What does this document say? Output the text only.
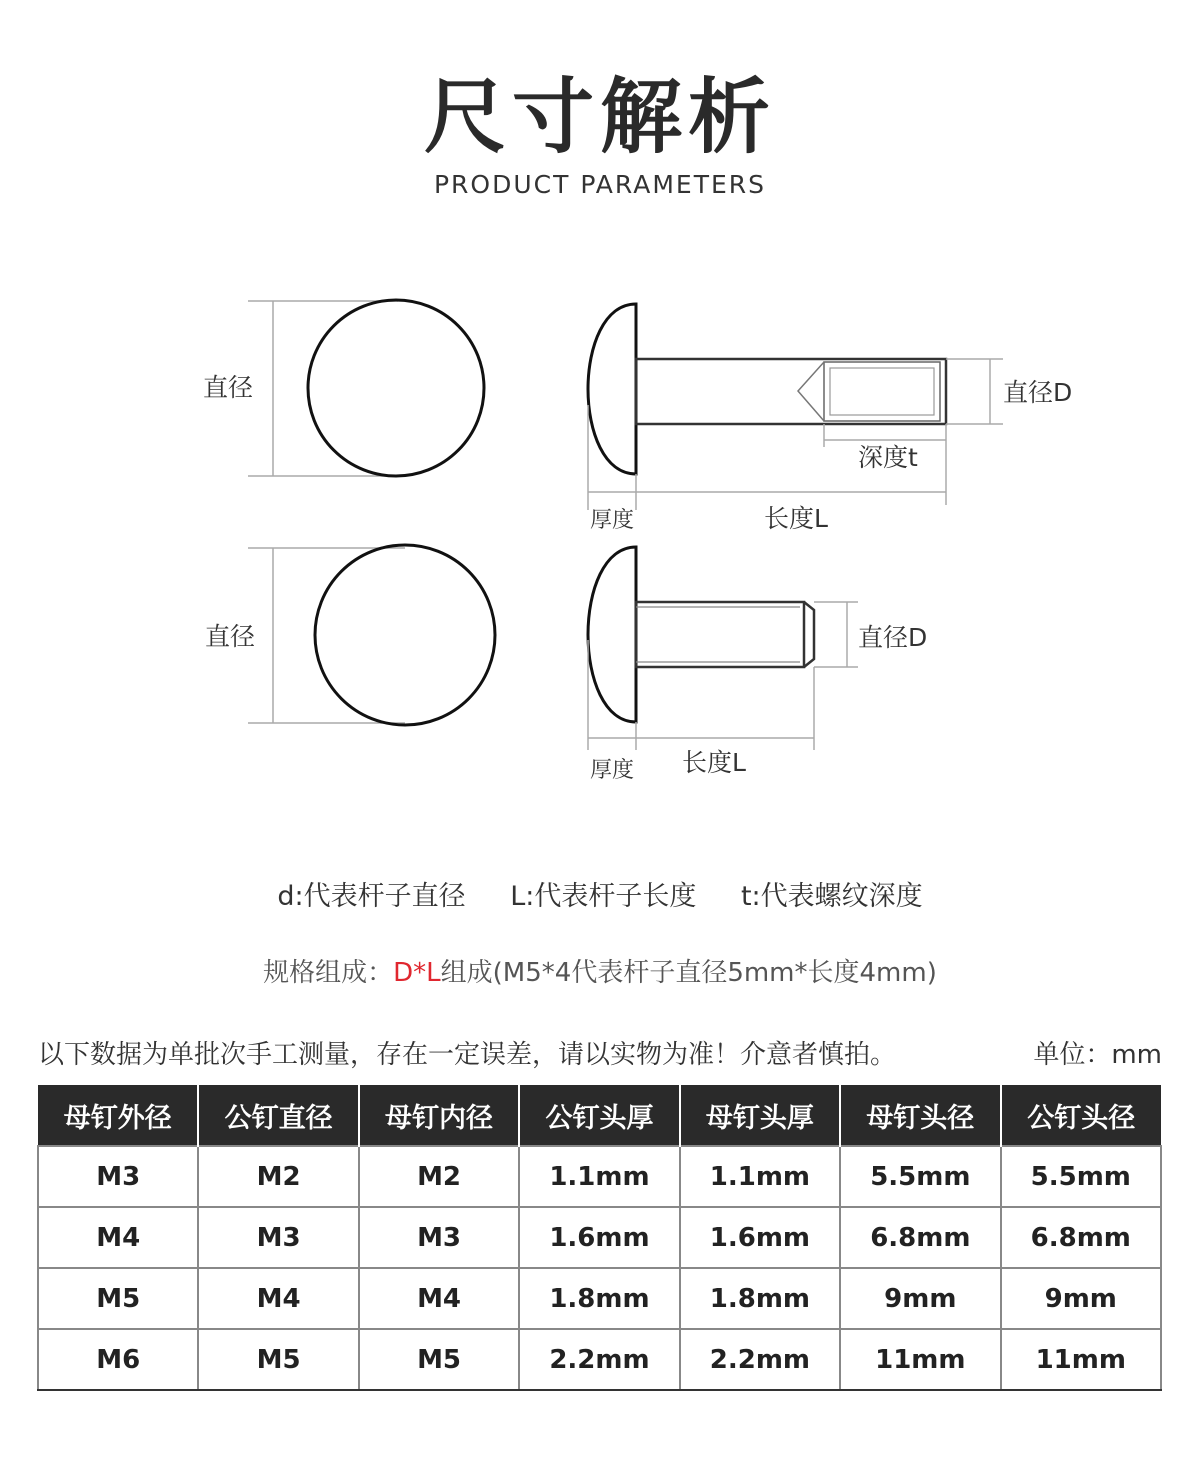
尺寸解析
PRODUCT PARAMETERS
直径	直径D
深度t
厚度	长度L
直径	直径D
厚度 长度L
d:代表杆子直径 L:代表杆子长度 t:代表螺纹深度
规格组成：D*L组成(M5*4代表杆子直径5mm*长度4mm)
以下数据为单批次手工测量，存在一定误差，请以实物为准！介意者慎拍。	单位：mm
母钉外径	公钉直径	母钉内径	公钉头厚	母钉头厚	母钉头径	公钉头径
M3	M2	M2	1.1mm	1.1mm	5.5mm	5.5mm
M4	M3	M3	1.6mm	1.6mm	6.8mm	6.8mm
M5	M4	M4	1.8mm	1.8mm	9mm	9mm
M6	M5	M5	2.2mm	2.2mm	11mm	11mm
